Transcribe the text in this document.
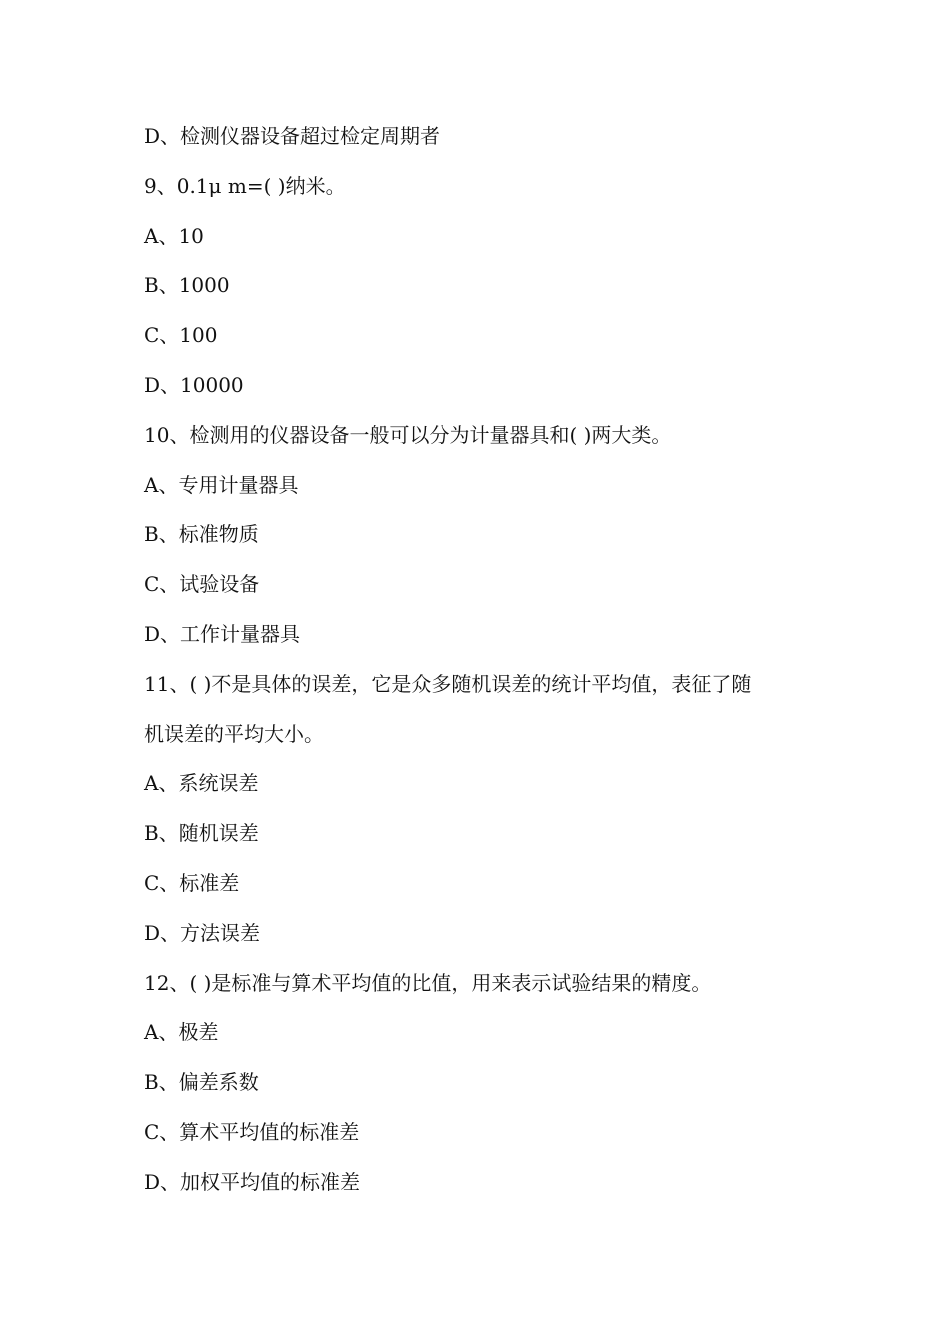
D、检测仪器设备超过检定周期者
9、0.1μ m=( )纳米。
A、10
B、1000
C、100
D、10000
10、检测用的仪器设备一般可以分为计量器具和( )两大类。
A、专用计量器具
B、标准物质
C、试验设备
D、工作计量器具
11、( )不是具体的误差，它是众多随机误差的统计平均值，表征了随
机误差的平均大小。
A、系统误差
B、随机误差
C、标准差
D、方法误差
12、( )是标准与算术平均值的比值，用来表示试验结果的精度。
A、极差
B、偏差系数
C、算术平均值的标准差
D、加权平均值的标准差
